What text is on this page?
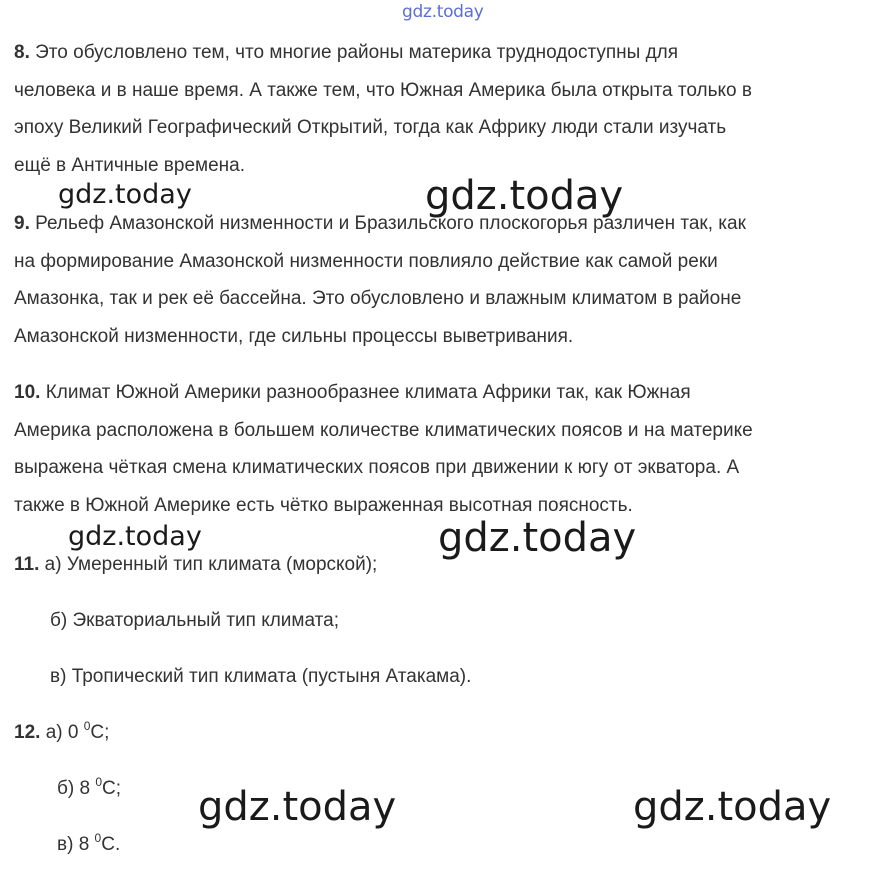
gdz.today
8. Это обусловлено тем, что многие районы материка труднодоступны для
человека и в наше время. А также тем, что Южная Америка была открыта только в
эпоху Великий Географический Открытий, тогда как Африку люди стали изучать
ещё в Античные времена.
9. Рельеф Амазонской низменности и Бразильского плоскогорья различен так, как
на формирование Амазонской низменности повлияло действие как самой реки
Амазонка, так и рек её бассейна. Это обусловлено и влажным климатом в районе
Амазонской низменности, где сильны процессы выветривания.
10. Климат Южной Америки разнообразнее климата Африки так, как Южная
Америка расположена в большем количестве климатических поясов и на материке
выражена чёткая смена климатических поясов при движении к югу от экватора. А
также в Южной Америке есть чётко выраженная высотная поясность.
11. а) Умеренный тип климата (морской);
б) Экваториальный тип климата;
в) Тропический тип климата (пустыня Атакама).
12. а) 0 $^0$С;
б) 8 $^0$С;
в) 8 $^0$С.
gdz.today	gdz.today
gdz.today	gdz.today
gdz.today	gdz.today
